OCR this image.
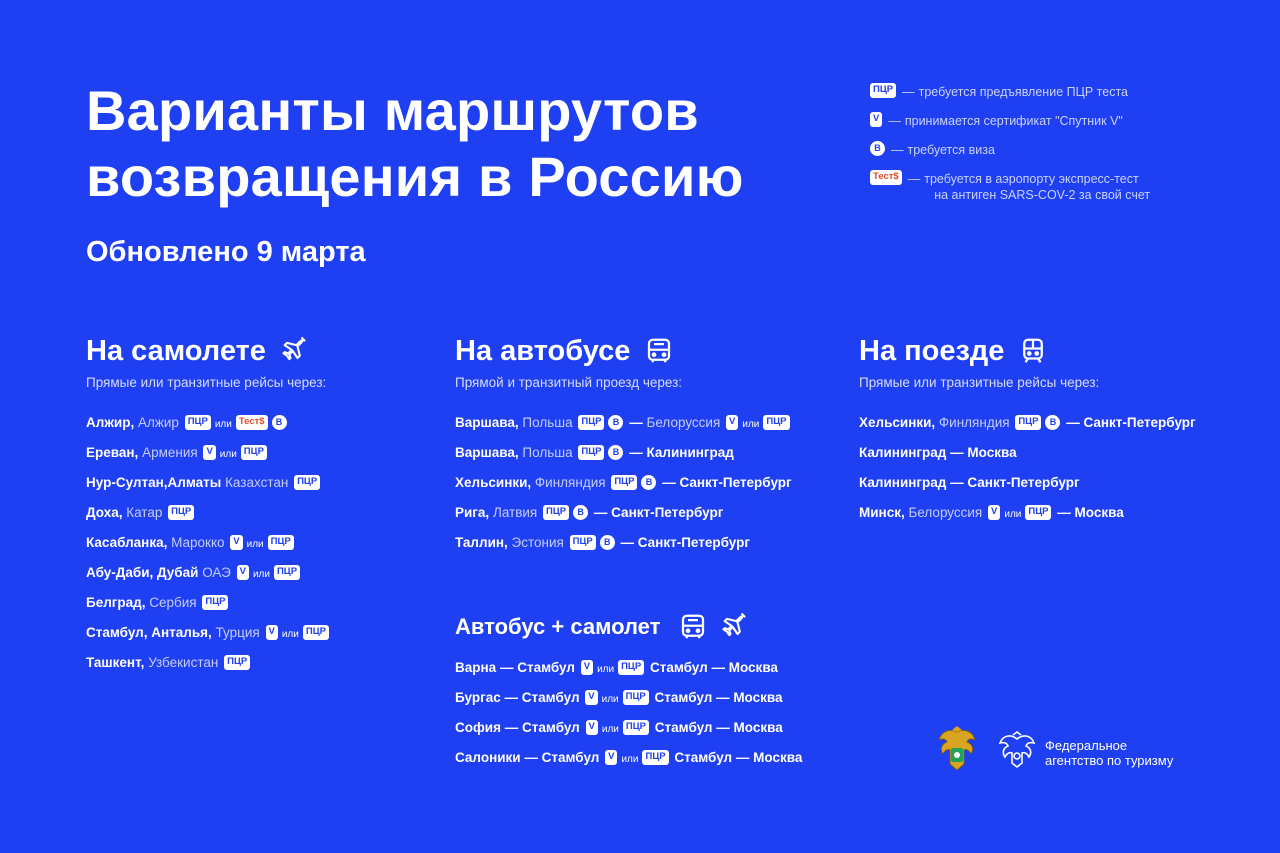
Варианты маршрутов
возвращения в Россию
Обновлено 9 марта
ПЦР — требуется предъявление ПЦР теста
V — принимается сертификат "Спутник V"
В — требуется виза
Тест$ — требуется в аэропорту экспресс-тест
на антиген SARS-COV-2 за свой счет
На самолете
Прямые или транзитные рейсы через:
Алжир, Алжир ПЦР или Тест$ В
Ереван, Армения V или ПЦР
Нур-Султан,Алматы Казахстан ПЦР
Доха, Катар ПЦР
Касабланка, Марокко V или ПЦР
Абу-Даби, Дубай ОАЭ V или ПЦР
Белград, Сербия ПЦР
Стамбул, Анталья, Турция V или ПЦР
Ташкент, Узбекистан ПЦР
На автобусе
Прямой и транзитный проезд через:
Варшава, Польша ПЦР В — Белоруссия V или ПЦР
Варшава, Польша ПЦР В — Калининград
Хельсинки, Финляндия ПЦР В — Санкт-Петербург
Рига, Латвия ПЦР В — Санкт-Петербург
Таллин, Эстония ПЦР В — Санкт-Петербург
Автобус + самолет
Варна — Стамбул V или ПЦР Стамбул — Москва
Бургас — Стамбул V или ПЦР Стамбул — Москва
София — Стамбул V или ПЦР Стамбул — Москва
Салоники — Стамбул V или ПЦР Стамбул — Москва
На поезде
Прямые или транзитные рейсы через:
Хельсинки, Финляндия ПЦР В — Санкт-Петербург
Калининград — Москва
Калининград — Санкт-Петербург
Минск, Белоруссия V или ПЦР — Москва
Федеральное
агентство по туризму
